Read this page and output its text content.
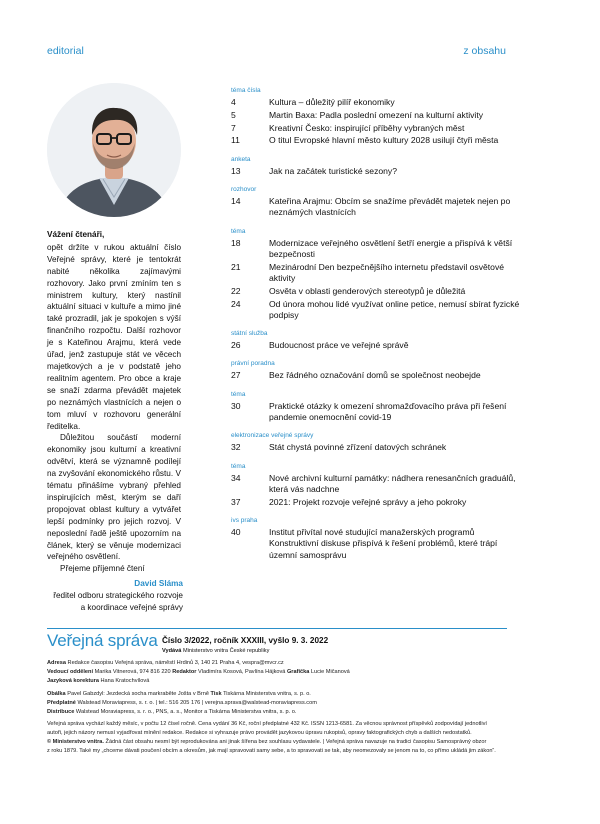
editorial	z obsahu
Vážení čtenáři,

opět držíte v rukou aktuální číslo Veřejné správy, které je tentokrát nabité několika zajímavými rozhovory. Jako první zmíním ten s ministrem kultury, který nastínil aktuální situaci v kultuře a mimo jiné také prozradil, jak je spokojen s výší finančního rozpočtu. Další rozhovor je s Kateřinou Arajmu, která vede úřad, jenž zastupuje stát ve věcech majetkových a je v podstatě jeho realitním agentem. Pro obce a kraje se snaží zdarma převádět majetek po neznámých vlastnících a nejen o tom mluví v rozhovoru generální ředitelka.

Důležitou součástí moderní ekonomiky jsou kulturní a kreativní odvětví, která se významně podílejí na zvyšování ekonomického růstu. V tématu přinášíme vybraný přehled inspirujících měst, kterým se daří propojovat oblast kultury a vytvářet lepší podmínky pro jejich rozvoj. V neposlední řadě ještě upozorním na článek, který se věnuje modernizaci veřejného osvětlení.

Přejeme příjemné čtení

David Sláma
ředitel odboru strategického rozvoje
a koordinace veřejné správy
téma čísla
4	Kultura – důležitý pilíř ekonomiky
5	Martin Baxa: Padla poslední omezení na kulturní aktivity
7	Kreativní Česko: inspirující příběhy vybraných měst
11	O titul Evropské hlavní město kultury 2028 usilují čtyři města
anketa
13	Jak na začátek turistické sezony?
rozhovor
14	Kateřina Arajmu: Obcím se snažíme převádět majetek nejen po neznámých vlastnících
téma
18	Modernizace veřejného osvětlení šetří energie a přispívá k větší bezpečnosti
21	Mezinárodní Den bezpečnějšího internetu představil osvětové aktivity
22	Osvěta v oblasti genderových stereotypů je důležitá
24	Od února mohou lidé využívat online petice, nemusí sbírat fyzické podpisy
státní služba
26	Budoucnost práce ve veřejné správě
právní poradna
27	Bez řádného označování domů se společnost neobejde
téma
30	Praktické otázky k omezení shromažďovacího práva při řešení pandemie onemocnění covid-19
elektronizace veřejné správy
32	Stát chystá povinné zřízení datových schránek
téma
34	Nové archivní kulturní památky: nádhera renesančních graduálů, která vás nadchne
37	2021: Projekt rozvoje veřejné správy a jeho pokroky
ivs praha
40	Institut přivítal nové studující manažerských programů Konstruktivní diskuse přispívá k řešení problémů, které trápí územní samosprávu
Veřejná správa Číslo 3/2022, ročník XXXIII, vyšlo 9. 3. 2022
Vydává Ministerstvo vnitra České republiky
Adresa Redakce časopisu Veřejná správa, náměstí Hrdinů 3, 140 21 Praha 4, vespra@mvcr.cz
Vedoucí oddělení Marika Vitnerová, 974 816 220 Redaktor Vladimíra Kosová, Pavlína Hájková Grafička Lucie Mičanová
Jazyková korektura Hana Kratochvílová
Obálka Pavel Gabzdyl: Jezdecká socha markraběte Jošta v Brně Tisk Tiskárna Ministerstva vnitra, s. p. o.
Předplatné Walstead Moraviapress, s. r. o. | tel.: 516 205 176 | verejna.sprava@walstead-moraviapress.com
Distribuce Walstead Moraviapress, s. r. o., PNS, a. s., Monitor a Tiskárna Ministerstva vnitra, s. p. o.
Veřejná správa vychází každý měsíc, v počtu 12 čísel ročně. Cena vydání 36 Kč, roční předplatné 432 Kč. ISSN 1213-6581. Za věcnou správnost příspěvků zodpovídají jednotliví
autoři, jejich názory nemusí vyjadřovat mínění redakce. Redakce si vyhrazuje právo provádět jazykovou úpravu rukopisů, opravy faktografických chyb a dalších nedostatků.
© Ministerstvo vnitra. Žádná část obsahu nesmí být reprodukována ani jinak šířena bez souhlasu vydavatele. | Veřejná správa navazuje na tradici časopisu Samosprávný obzor
z roku 1879. Také my „chceme dávati poučení obcím a okresům, jak mají spravovati samy sebe, a to spravovati se tak, aby neomezovaly se jenom na to, co přímo ukládá jim zákon“.
